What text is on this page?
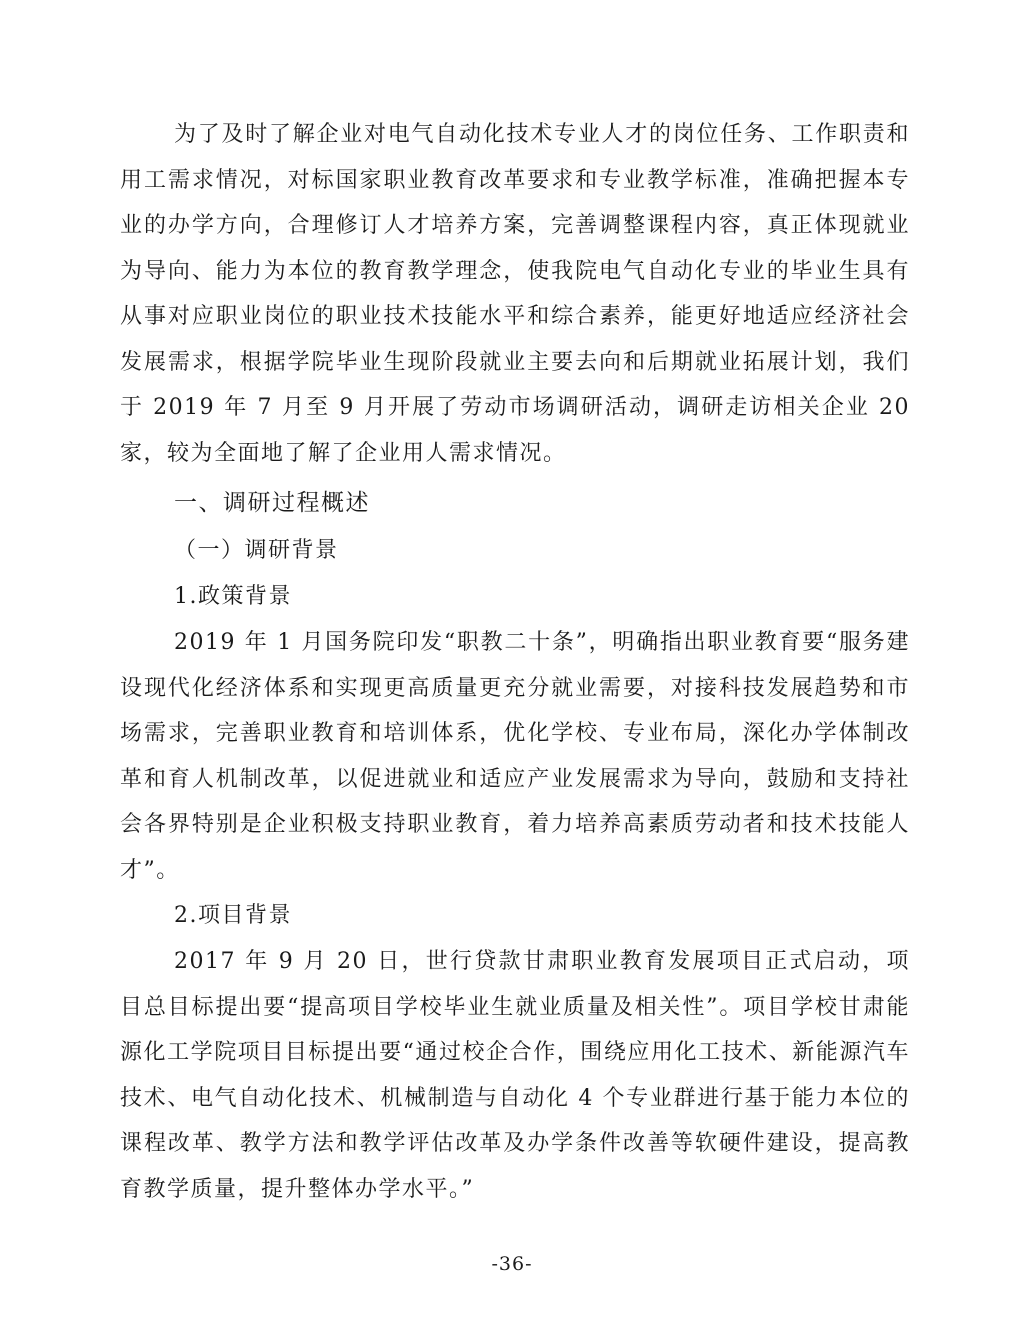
为了及时了解企业对电气自动化技术专业人才的岗位任务、工作职责和用工需求情况，对标国家职业教育改革要求和专业教学标准，准确把握本专业的办学方向，合理修订人才培养方案，完善调整课程内容，真正体现就业为导向、能力为本位的教育教学理念，使我院电气自动化专业的毕业生具有从事对应职业岗位的职业技术技能水平和综合素养，能更好地适应经济社会发展需求，根据学院毕业生现阶段就业主要去向和后期就业拓展计划，我们于 2019 年 7 月至 9 月开展了劳动市场调研活动，调研走访相关企业 20 家，较为全面地了解了企业用人需求情况。

一、调研过程概述

（一）调研背景

1.政策背景

2019 年 1 月国务院印发“职教二十条”，明确指出职业教育要“服务建设现代化经济体系和实现更高质量更充分就业需要，对接科技发展趋势和市场需求，完善职业教育和培训体系，优化学校、专业布局，深化办学体制改革和育人机制改革，以促进就业和适应产业发展需求为导向，鼓励和支持社会各界特别是企业积极支持职业教育，着力培养高素质劳动者和技术技能人才”。

2.项目背景

2017 年 9 月 20 日，世行贷款甘肃职业教育发展项目正式启动，项目总目标提出要“提高项目学校毕业生就业质量及相关性”。项目学校甘肃能源化工学院项目目标提出要“通过校企合作，围绕应用化工技术、新能源汽车技术、电气自动化技术、机械制造与自动化 4 个专业群进行基于能力本位的课程改革、教学方法和教学评估改革及办学条件改善等软硬件建设，提高教育教学质量，提升整体办学水平。”

-36-
